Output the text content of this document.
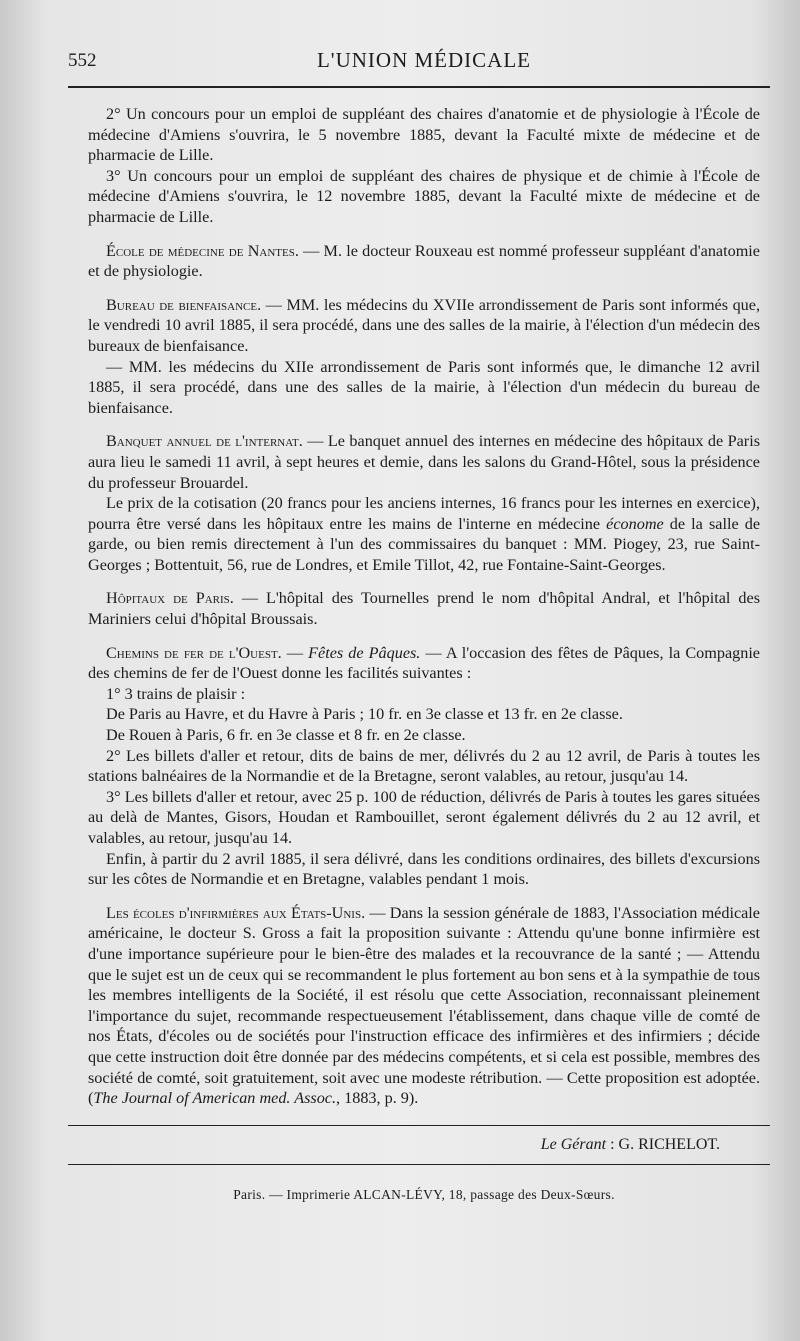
552	L'UNION MÉDICALE

2° Un concours pour un emploi de suppléant des chaires d'anatomie et de physiologie à l'École de médecine d'Amiens s'ouvrira, le 5 novembre 1885, devant la Faculté mixte de médecine et de pharmacie de Lille.

3° Un concours pour un emploi de suppléant des chaires de physique et de chimie à l'École de médecine d'Amiens s'ouvrira, le 12 novembre 1885, devant la Faculté mixte de médecine et de pharmacie de Lille.

École de médecine de Nantes. — M. le docteur Rouxeau est nommé professeur suppléant d'anatomie et de physiologie.

Bureau de bienfaisance. — MM. les médecins du XVIIe arrondissement de Paris sont informés que, le vendredi 10 avril 1885, il sera procédé, dans une des salles de la mairie, à l'élection d'un médecin des bureaux de bienfaisance.

— MM. les médecins du XIIe arrondissement de Paris sont informés que, le dimanche 12 avril 1885, il sera procédé, dans une des salles de la mairie, à l'élection d'un médecin du bureau de bienfaisance.

Banquet annuel de l'internat. — Le banquet annuel des internes en médecine des hôpitaux de Paris aura lieu le samedi 11 avril, à sept heures et demie, dans les salons du Grand-Hôtel, sous la présidence du professeur Brouardel.

Le prix de la cotisation (20 francs pour les anciens internes, 16 francs pour les internes en exercice), pourra être versé dans les hôpitaux entre les mains de l'interne en médecine économe de la salle de garde, ou bien remis directement à l'un des commissaires du banquet : MM. Piogey, 23, rue Saint-Georges ; Bottentuit, 56, rue de Londres, et Emile Tillot, 42, rue Fontaine-Saint-Georges.

Hôpitaux de Paris. — L'hôpital des Tournelles prend le nom d'hôpital Andral, et l'hôpital des Mariniers celui d'hôpital Broussais.

Chemins de fer de l'Ouest. — Fêtes de Pâques. — A l'occasion des fêtes de Pâques, la Compagnie des chemins de fer de l'Ouest donne les facilités suivantes :

1° 3 trains de plaisir :

De Paris au Havre, et du Havre à Paris ; 10 fr. en 3e classe et 13 fr. en 2e classe.

De Rouen à Paris, 6 fr. en 3e classe et 8 fr. en 2e classe.

2° Les billets d'aller et retour, dits de bains de mer, délivrés du 2 au 12 avril, de Paris à toutes les stations balnéaires de la Normandie et de la Bretagne, seront valables, au retour, jusqu'au 14.

3° Les billets d'aller et retour, avec 25 p. 100 de réduction, délivrés de Paris à toutes les gares situées au delà de Mantes, Gisors, Houdan et Rambouillet, seront également délivrés du 2 au 12 avril, et valables, au retour, jusqu'au 14.

Enfin, à partir du 2 avril 1885, il sera délivré, dans les conditions ordinaires, des billets d'excursions sur les côtes de Normandie et en Bretagne, valables pendant 1 mois.

Les écoles d'infirmières aux États-Unis. — Dans la session générale de 1883, l'Association médicale américaine, le docteur S. Gross a fait la proposition suivante : Attendu qu'une bonne infirmière est d'une importance supérieure pour le bien-être des malades et la recouvrance de la santé ; — Attendu que le sujet est un de ceux qui se recommandent le plus fortement au bon sens et à la sympathie de tous les membres intelligents de la Société, il est résolu que cette Association, reconnaissant pleinement l'importance du sujet, recommande respectueusement l'établissement, dans chaque ville de comté de nos États, d'écoles ou de sociétés pour l'instruction efficace des infirmières et des infirmiers ; décide que cette instruction doit être donnée par des médecins compétents, et si cela est possible, membres des société de comté, soit gratuitement, soit avec une modeste rétribution. — Cette proposition est adoptée. (The Journal of American med. Assoc., 1883, p. 9).

Le Gérant : G. RICHELOT.
Paris. — Imprimerie ALCAN-LÉVY, 18, passage des Deux-Sœurs.
